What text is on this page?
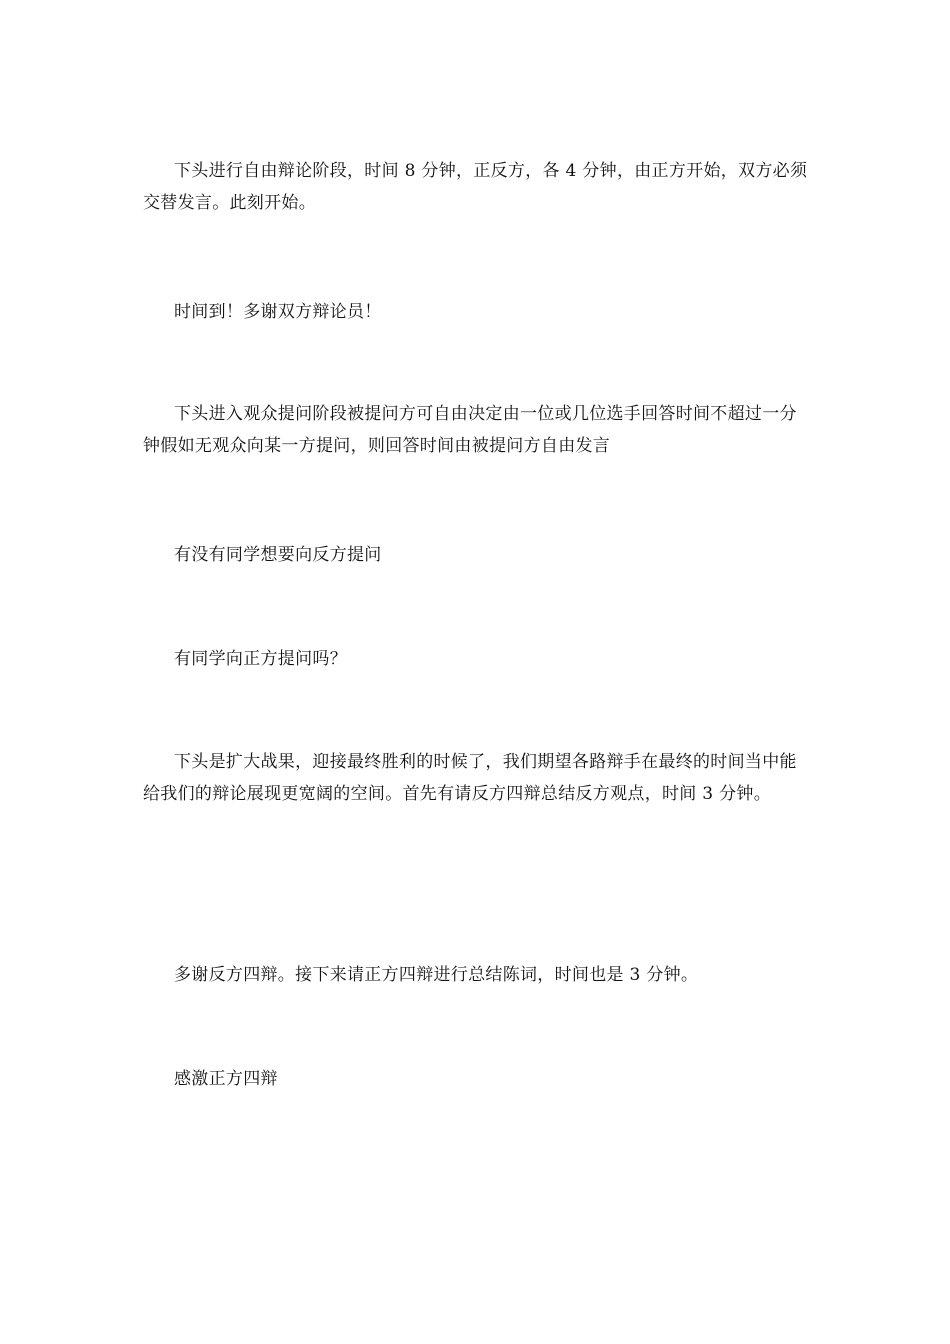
下头进行自由辩论阶段，时间 8 分钟，正反方，各 4 分钟，由正方开始，双方必须交替发言。此刻开始。

时间到！多谢双方辩论员！

下头进入观众提问阶段被提问方可自由决定由一位或几位选手回答时间不超过一分钟假如无观众向某一方提问，则回答时间由被提问方自由发言

有没有同学想要向反方提问

有同学向正方提问吗？

下头是扩大战果，迎接最终胜利的时候了，我们期望各路辩手在最终的时间当中能给我们的辩论展现更宽阔的空间。首先有请反方四辩总结反方观点，时间 3 分钟。

多谢反方四辩。接下来请正方四辩进行总结陈词，时间也是 3 分钟。

感激正方四辩
